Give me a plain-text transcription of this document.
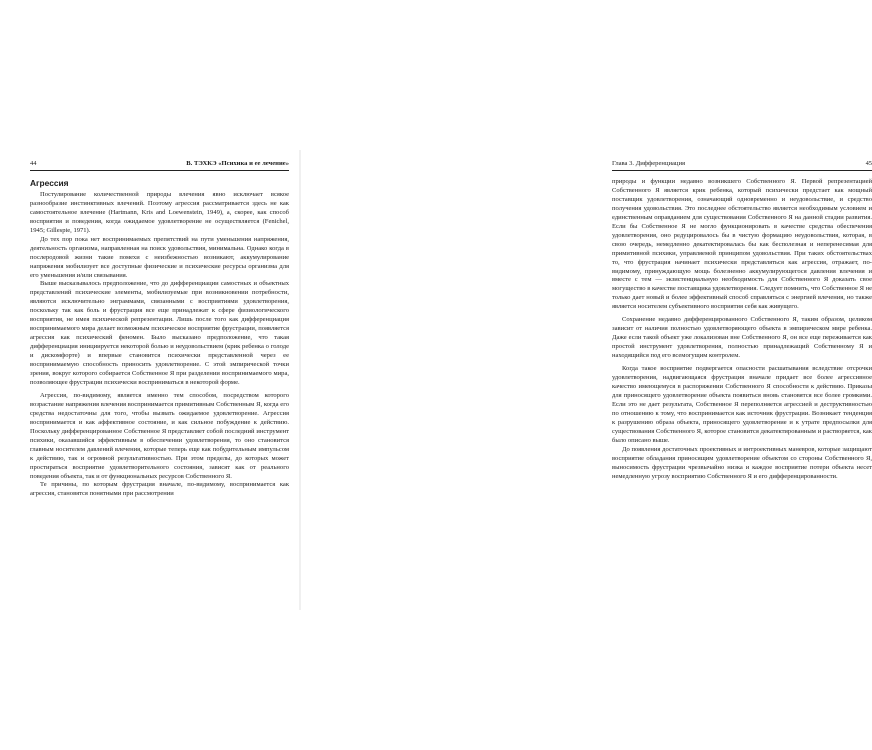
44	В. ТЭХКЭ «Психика и ее лечение»
Агрессия

Постулирование количественной природы влечения явно исключает всякое разнообразие инстинктивных влечений. Поэтому агрессия рассматривается здесь не как самостоятельное влечение (Hartmann, Kris and Loewenstein, 1949), а, скорее, как способ восприятия и поведения, когда ожидаемое удовлетворение не осуществляется (Fenichel, 1945; Gillespie, 1971).

До тех пор пока нет воспринимаемых препятствий на пути уменьшения напряжения, деятельность организма, направленная на поиск удовольствия, минимальна. Однако когда в послеродовой жизни такие помехи с неизбежностью возникают, аккумулирование напряжения мобилизует все доступные физические и психические ресурсы организма для его уменьшения и/или связывания.

Выше высказывалось предположение, что до дифференциации самостных и объектных представлений психические элементы, мобилизуемые при возникновении потребности, являются исключительно энграммами, связанными с восприятиями удовлетворения, поскольку так как боль и фрустрация все еще принадлежат к сфере физиологического восприятия, не имея психической репрезентации. Лишь после того как дифференциация воспринимаемого мира делает возможным психическое восприятие фрустрации, появляется агрессия как психический феномен. Было высказано предположение, что такая дифференциация инициируется некоторой болью и неудовольствием (крик ребенка о голоде и дискомфорте) и впервые становится психически представленной через ее воспринимаемую способность приносить удовлетворение. С этой эмпирической точки зрения, вокруг которого собирается Собственное Я при разделении воспринимаемого мира, позволяющее фрустрации психически восприниматься в некоторой форме.

Агрессия, по-видимому, является именно тем способом, посредством которого возрастание напряжения влечения воспринимается примитивным Собственным Я, когда его средства недостаточны для того, чтобы вызвать ожидаемое удовлетворение. Агрессия воспринимается и как аффективное состояние, и как сильное побуждение к действию. Поскольку дифференцированное Собственное Я представляет собой последний инструмент психики, оказавшийся эффективным в обеспечении удовлетворения, то оно становится главным носителем давлений влечения, которые теперь еще как побудительным импульсом к действию, так и огромной результативностью. При этом пределы, до которых может простираться восприятие удовлетворительного состояния, зависят как от реального поведения объекта, так и от функциональных ресурсов Собственного Я.

Те причины, по которым фрустрация вначале, по-видимому, воспринимается как агрессия, становятся понятными при рассмотрении

Глава 3. Дифференциация	45

природы и функции недавно возникшего Собственного Я. Первой репрезентацией Собственного Я является крик ребенка, который психически предстает как мощный поставщик удовлетворения, означающий одновременно и неудовольствие, и средство получения удовольствия. Это последнее обстоятельство является необходимым условием и единственным оправданием для существования Собственного Я на данной стадии развития. Если бы Собственное Я не могло функционировать в качестве средства обеспечения удовлетворения, оно редуцировалось бы в чистую формацию неудовольствия, которая, в свою очередь, немедленно декатектировалась бы как бесполезная и неперенесимая для примитивной психики, управляемой принципом удовольствия. При таких обстоятельствах то, что фрустрация начинает психически представляться как агрессия, отражает, по-видимому, принуждающую мощь болезненно аккумулирующегося давления влечения и вместе с тем — экзистенциальную необходимость для Собственного Я доказать свое могущество в качестве поставщика удовлетворения. Следует помнить, что Собственное Я не только дает новый и более эффективный способ справляться с энергией влечения, но также является носителем субъективного восприятия себя как живущего.

Сохранение недавно дифференцированного Собственного Я, таким образом, целиком зависит от наличия полностью удовлетворяющего объекта в эмпирическом мире ребенка. Даже если такой объект уже локализован вне Собственного Я, он все еще переживается как простой инструмент удовлетворения, полностью принадлежащий Собственному Я и находящийся под его всемогущим контролем.

Когда такое восприятие подвергается опасности расшатывания вследствие отсрочки удовлетворения, надвигающаяся фрустрация вначале придает все более агрессивное качество имеющемуся в распоряжении Собственного Я способности к действию. Приказы для приносящего удовлетворение объекта появиться вновь становятся все более громкими. Если это не дает результата, Собственное Я переполняется агрессией и деструктивностью по отношению к тому, что воспринимается как источник фрустрации. Возникает тенденция к разрушению образа объекта, приносящего удовлетворение и к утрате предпосылки для существования Собственного Я, которое становится декатектированным и растворяется, как было описано выше.

До появления достаточных проективных и интроективных маневров, которые защищают восприятие обладания приносящим удовлетворение объектом со стороны Собственного Я, выносимость фрустрации чрезвычайно низка и каждое восприятие потери объекта несет немедленную угрозу восприятию Собственного Я и его дифференцированности.
